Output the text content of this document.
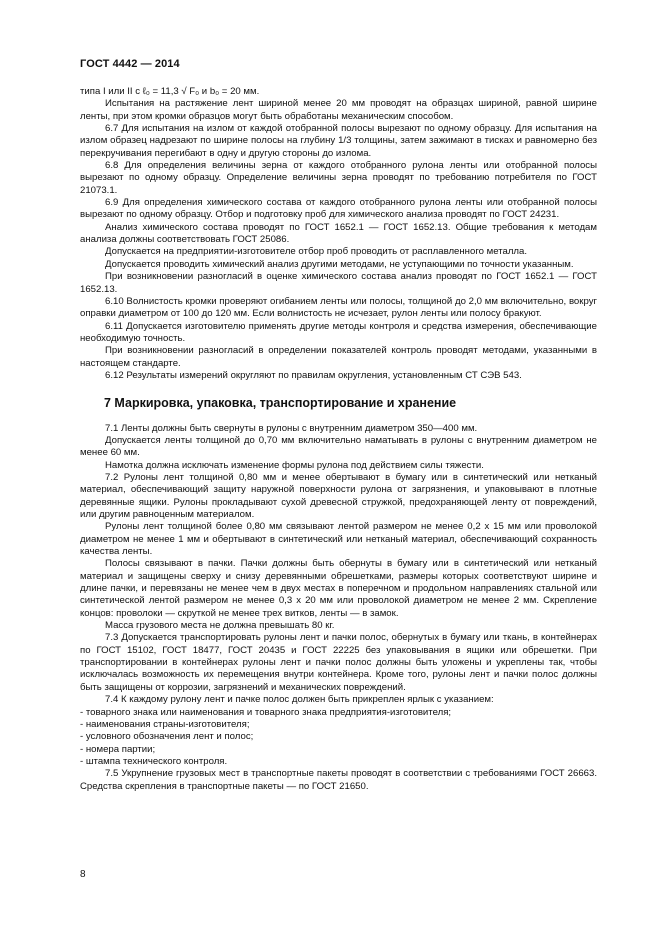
ГОСТ 4442 — 2014

типа I или II с ℓ₀ = 11,3 √ F₀ и b₀ = 20 мм.

Испытания на растяжение лент шириной менее 20 мм проводят на образцах шириной, равной ширине ленты, при этом кромки образцов могут быть обработаны механическим способом.

6.7 Для испытания на излом от каждой отобранной полосы вырезают по одному образцу. Для испытания на излом образец надрезают по ширине полосы на глубину 1/3 толщины, затем зажимают в тисках и равномерно без перекручивания перегибают в одну и другую стороны до излома.

6.8 Для определения величины зерна от каждого отобранного рулона ленты или отобранной полосы вырезают по одному образцу. Определение величины зерна проводят по требованию потребителя по ГОСТ 21073.1.

6.9 Для определения химического состава от каждого отобранного рулона ленты или отобранной полосы вырезают по одному образцу. Отбор и подготовку проб для химического анализа проводят по ГОСТ 24231.

Анализ химического состава проводят по ГОСТ 1652.1 — ГОСТ 1652.13. Общие требования к методам анализа должны соответствовать ГОСТ 25086.

Допускается на предприятии-изготовителе отбор проб проводить от расплавленного металла.

Допускается проводить химический анализ другими методами, не уступающими по точности указанным.

При возникновении разногласий в оценке химического состава анализ проводят по ГОСТ 1652.1 — ГОСТ 1652.13.

6.10 Волнистость кромки проверяют огибанием ленты или полосы, толщиной до 2,0 мм включительно, вокруг оправки диаметром от 100 до 120 мм. Если волнистость не исчезает, рулон ленты или полосу бракуют.

6.11 Допускается изготовителю применять другие методы контроля и средства измерения, обеспечивающие необходимую точность.

При возникновении разногласий в определении показателей контроль проводят методами, указанными в настоящем стандарте.

6.12 Результаты измерений округляют по правилам округления, установленным СТ СЭВ 543.

7 Маркировка, упаковка, транспортирование и хранение

7.1 Ленты должны быть свернуты в рулоны с внутренним диаметром 350—400 мм.

Допускается ленты толщиной до 0,70 мм включительно наматывать в рулоны с внутренним диаметром не менее 60 мм.

Намотка должна исключать изменение формы рулона под действием силы тяжести.

7.2 Рулоны лент толщиной 0,80 мм и менее обертывают в бумагу или в синтетический или нетканый материал, обеспечивающий защиту наружной поверхности рулона от загрязнения, и упаковывают в плотные деревянные ящики. Рулоны прокладывают сухой древесной стружкой, предохраняющей ленту от повреждений, или другим равноценным материалом.

Рулоны лент толщиной более 0,80 мм связывают лентой размером не менее 0,2 х 15 мм или проволокой диаметром не менее 1 мм и обертывают в синтетический или нетканый материал, обеспечивающий сохранность качества ленты.

Полосы связывают в пачки. Пачки должны быть обернуты в бумагу или в синтетический или нетканый материал и защищены сверху и снизу деревянными обрешетками, размеры которых соответствуют ширине и длине пачки, и перевязаны не менее чем в двух местах в поперечном и продольном направлениях стальной или синтетической лентой размером не менее 0,3 х 20 мм или проволокой диаметром не менее 2 мм. Скрепление концов: проволоки — скруткой не менее трех витков, ленты — в замок.

Масса грузового места не должна превышать 80 кг.

7.3 Допускается транспортировать рулоны лент и пачки полос, обернутых в бумагу или ткань, в контейнерах по ГОСТ 15102, ГОСТ 18477, ГОСТ 20435 и ГОСТ 22225 без упаковывания в ящики или обрешетки. При транспортировании в контейнерах рулоны лент и пачки полос должны быть уложены и укреплены так, чтобы исключалась возможность их перемещения внутри контейнера. Кроме того, рулоны лент и пачки полос должны быть защищены от коррозии, загрязнений и механических повреждений.

7.4 К каждому рулону лент и пачке полос должен быть прикреплен ярлык с указанием:

- товарного знака или наименования и товарного знака предприятия-изготовителя;

- наименования страны-изготовителя;

- условного обозначения лент и полос;

- номера партии;

- штампа технического контроля.

7.5 Укрупнение грузовых мест в транспортные пакеты проводят в соответствии с требованиями ГОСТ 26663. Средства скрепления в транспортные пакеты — по ГОСТ 21650.

8
